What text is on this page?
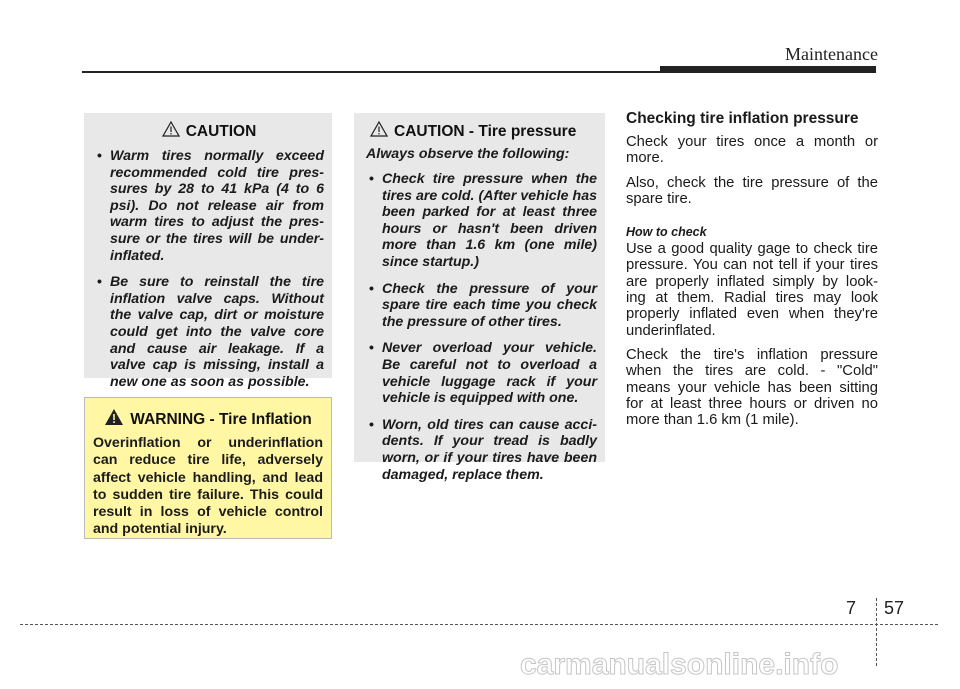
Maintenance
CAUTION
• Warm tires normally exceed recommended cold tire pres-sures by 28 to 41 kPa (4 to 6 psi). Do not release air from warm tires to adjust the pres-sure or the tires will be under-inflated.
• Be sure to reinstall the tire inflation valve caps. Without the valve cap, dirt or moisture could get into the valve core and cause air leakage. If a valve cap is missing, install a new one as soon as possible.
WARNING - Tire Inflation
Overinflation or underinflation can reduce tire life, adversely affect vehicle handling, and lead to sudden tire failure. This could result in loss of vehicle control and potential injury.
CAUTION - Tire pressure
Always observe the following:
• Check tire pressure when the tires are cold. (After vehicle has been parked for at least three hours or hasn't been driven more than 1.6 km (one mile) since startup.)
• Check the pressure of your spare tire each time you check the pressure of other tires.
• Never overload your vehicle. Be careful not to overload a vehicle luggage rack if your vehicle is equipped with one.
• Worn, old tires can cause acci-dents. If your tread is badly worn, or if your tires have been damaged, replace them.
Checking tire inflation pressure

Check your tires once a month or more.

Also, check the tire pressure of the spare tire.

How to check

Use a good quality gage to check tire pressure. You can not tell if your tires are properly inflated simply by look-ing at them. Radial tires may look properly inflated even when they're underinflated.

Check the tire's inflation pressure when the tires are cold. - "Cold" means your vehicle has been sitting for at least three hours or driven no more than 1.6 km (1 mile).

7 57
carmanualsonline.info
